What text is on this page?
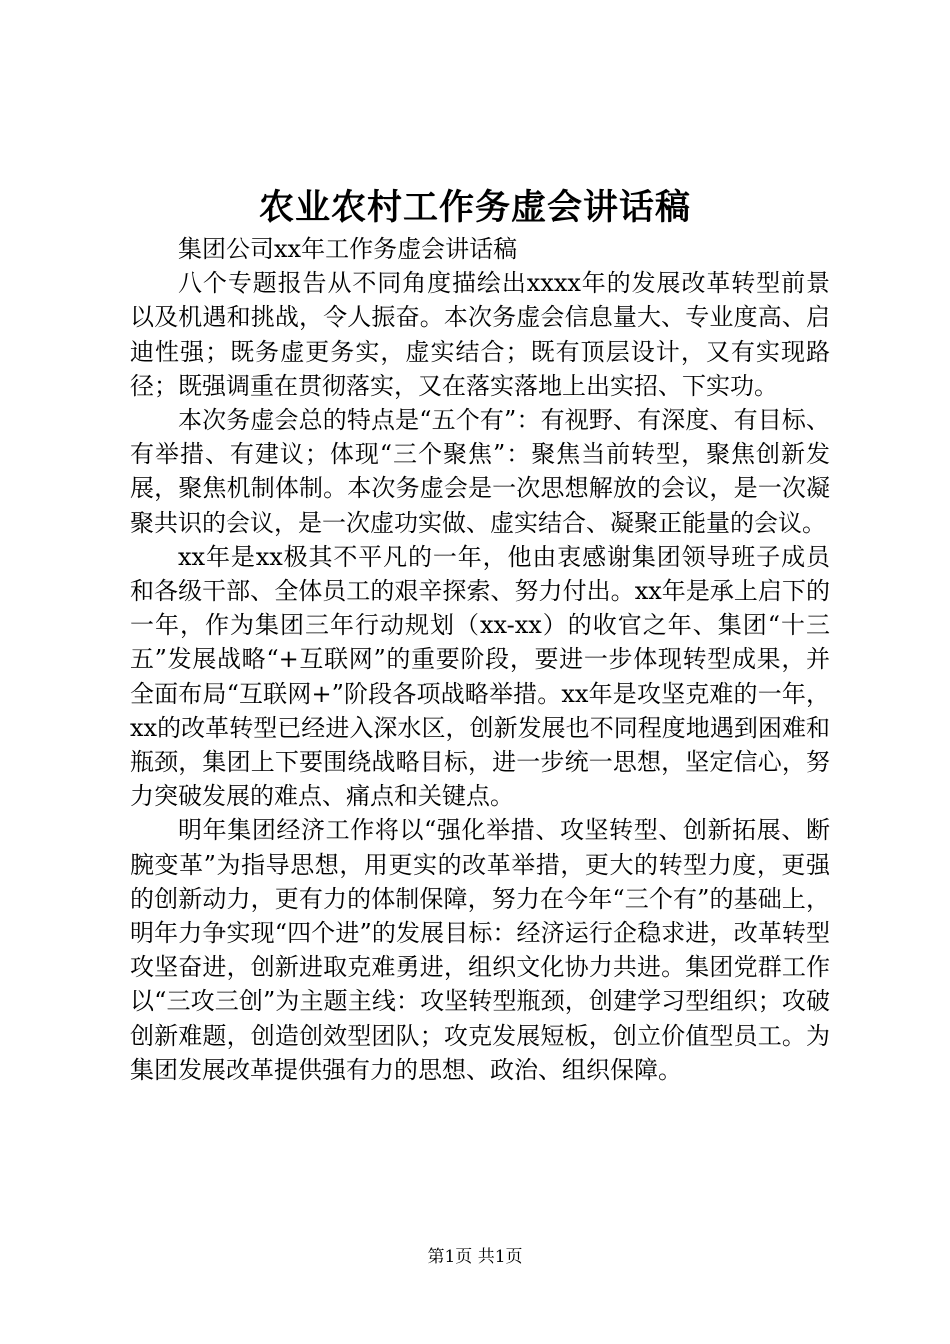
农业农村工作务虚会讲话稿

集团公司xx年工作务虚会讲话稿

八个专题报告从不同角度描绘出xxxx年的发展改革转型前景以及机遇和挑战，令人振奋。本次务虚会信息量大、专业度高、启迪性强；既务虚更务实，虚实结合；既有顶层设计，又有实现路径；既强调重在贯彻落实，又在落实落地上出实招、下实功。

本次务虚会总的特点是“五个有”：有视野、有深度、有目标、有举措、有建议；体现“三个聚焦”：聚焦当前转型，聚焦创新发展，聚焦机制体制。本次务虚会是一次思想解放的会议，是一次凝聚共识的会议，是一次虚功实做、虚实结合、凝聚正能量的会议。

xx年是xx极其不平凡的一年，他由衷感谢集团领导班子成员和各级干部、全体员工的艰辛探索、努力付出。xx年是承上启下的一年，作为集团三年行动规划（xx-xx）的收官之年、集团“十三五”发展战略“+互联网”的重要阶段，要进一步体现转型成果，并全面布局“互联网+”阶段各项战略举措。xx年是攻坚克难的一年，xx的改革转型已经进入深水区，创新发展也不同程度地遇到困难和瓶颈，集团上下要围绕战略目标，进一步统一思想，坚定信心，努力突破发展的难点、痛点和关键点。

明年集团经济工作将以“强化举措、攻坚转型、创新拓展、断腕变革”为指导思想，用更实的改革举措，更大的转型力度，更强的创新动力，更有力的体制保障，努力在今年“三个有”的基础上，明年力争实现“四个进”的发展目标：经济运行企稳求进，改革转型攻坚奋进，创新进取克难勇进，组织文化协力共进。集团党群工作以“三攻三创”为主题主线：攻坚转型瓶颈，创建学习型组织；攻破创新难题，创造创效型团队；攻克发展短板，创立价值型员工。为集团发展改革提供强有力的思想、政治、组织保障。

第1页 共1页
